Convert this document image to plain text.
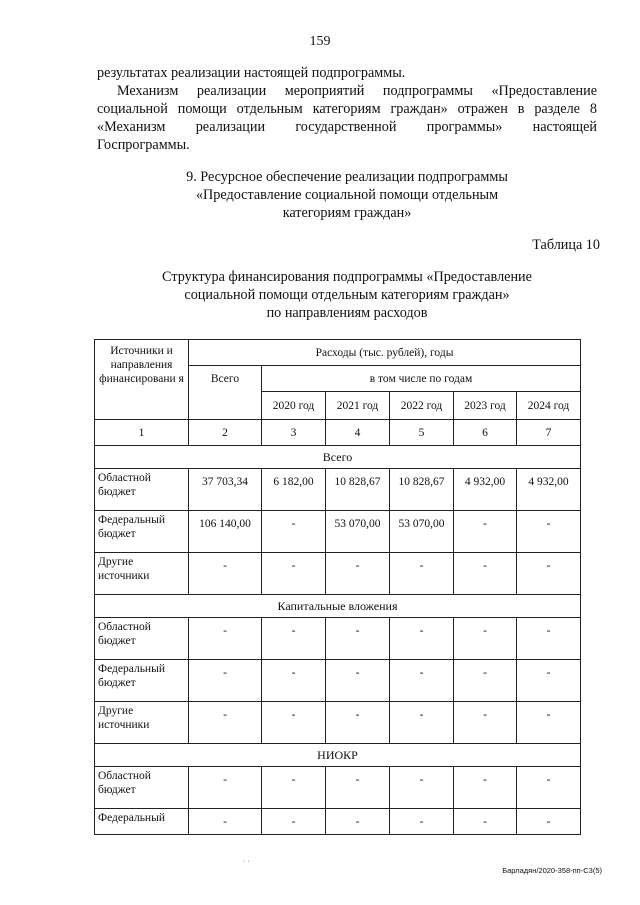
159
результатах реализации настоящей подпрограммы.
Механизм реализации мероприятий подпрограммы «Предоставление
социальной помощи отдельным категориям граждан» отражен в разделе 8
«Механизм реализации государственной программы» настоящей
Госпрограммы.
9. Ресурсное обеспечение реализации подпрограммы
«Предоставление социальной помощи отдельным
категориям граждан»
Таблица 10
Структура финансирования подпрограммы «Предоставление
социальной помощи отдельным категориям граждан»
по направлениям расходов
Источники и направления финансировани я	Расходы (тыс. рублей), годы					
	Всего	в том числе по годам				
		2020 год	2021 год	2022 год	2023 год	2024 год
1	2	3	4	5	6	7
Всего						
Областной бюджет	37 703,34	6 182,00	10 828,67	10 828,67	4 932,00	4 932,00
Федеральный бюджет	106 140,00	-	53 070,00	53 070,00	-	-
Другие источники	-	-	-	-	-	-
Капитальные вложения						
Областной бюджет	-	-	-	-	-	-
Федеральный бюджет	-	-	-	-	-	-
Другие источники	-	-	-	-	-	-
НИОКР						
Областной бюджет	-	-	-	-	-	-
Федеральный	-	-	-	-	-	-
· ·
Барладян/2020-358-пп-С3(5)
